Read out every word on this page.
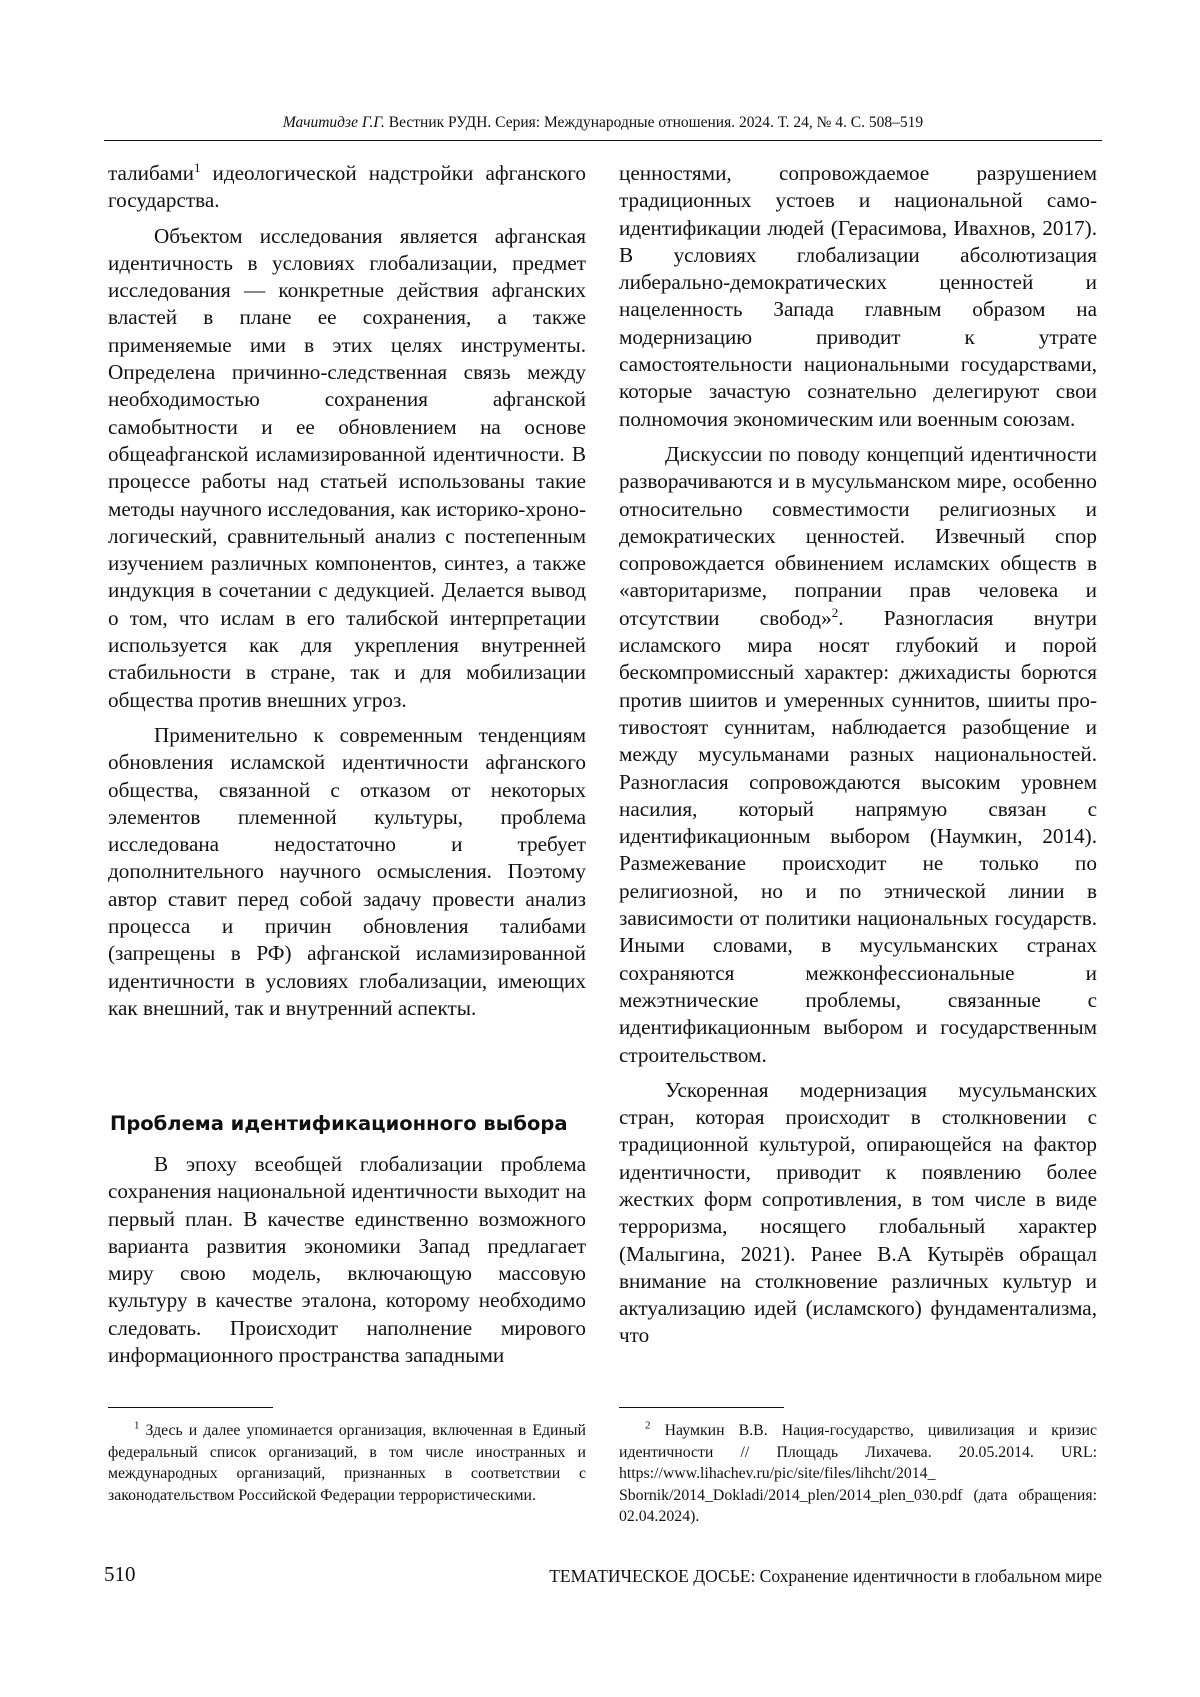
Мачитидзе Г.Г. Вестник РУДН. Серия: Международные отношения. 2024. Т. 24, № 4. С. 508–519

талибами1 идеологической надстройки аф­ганского государства.

Объектом исследования является афган­ская идентичность в условиях глобализации, предмет исследования — конкретные дей­ствия афганских властей в плане ее сохране­ния, а также применяемые ими в этих целях инструменты. Определена причинно-следственная связь между необходимостью сохранения афганской самобытности и ее об­новлением на основе общеафганской ислами­зированной идентичности. В процессе работы над статьей использованы такие методы научного исследования, как историко-хроно­логический, сравнительный анализ с посте­пенным изучением различных компонентов, синтез, а также индукция в сочетании с де­дукцией. Делается вывод о том, что ислам в его талибской интерпретации используется как для укрепления внутренней стабильности в стране, так и для мобилизации общества против внешних угроз.

Применительно к современным тенден­циям обновления исламской идентичности афганского общества, связанной с отказом от некоторых элементов племенной культуры, проблема исследована недостаточно и требу­ет дополнительного научного осмысления. Поэтому автор ставит перед собой задачу провести анализ процесса и причин обновле­ния талибами (запрещены в РФ) афганской исламизированной идентичности в условиях глобализации, имеющих как внешний, так и внутренний аспекты.

Проблема идентификационного выбора
В эпоху всеобщей глобализации пробле­ма сохранения национальной идентичности выходит на первый план. В качестве един­ственно возможного варианта развития экономики Запад предлагает миру свою модель, включающую массовую культуру в качестве эталона, которому необходимо следовать. Происходит наполнение мирового информационного пространства западными

ценностями, сопровождаемое разрушением традиционных устоев и национальной само­идентификации людей (Герасимова, Ивахнов, 2017). В условиях глобализации абсолютиза­ция либерально-демократических ценностей и нацеленность Запада главным образом на модернизацию приводит к утрате самостоятельности национальными государ­ствами, которые зачастую сознательно деле­гируют свои полномочия экономическим или военным союзам.

Дискуссии по поводу концепций иден­тичности разворачиваются и в мусульман­ском мире, особенно относительно совмести­мости религиозных и демократических ценностей. Извечный спор сопровождается обвинением исламских обществ в «авторита­ризме, попрании прав человека и отсутствии свобод»2. Разногласия внутри исламского ми­ра носят глубокий и порой бескомпромисс­ный характер: джихадисты борются против шиитов и умеренных суннитов, шииты про­тивостоят суннитам, наблюдается разобщение и между мусульманами разных национально­стей. Разногласия сопровождаются высоким уровнем насилия, который напрямую связан с идентификационным выбором (Наумкин, 2014). Размежевание происходит не только по религиозной, но и по этнической линии в зависимости от политики национальных государств. Иными словами, в мусульман­ских странах сохраняются межконфессио­нальные и межэтнические проблемы, связан­ные с идентификационным выбором и госу­дарственным строительством.

Ускоренная модернизация мусульман­ских стран, которая происходит в столкнове­нии с традиционной культурой, опирающейся на фактор идентичности, приводит к появле­нию более жестких форм сопротивления, в том числе в виде терроризма, носящего гло­бальный характер (Малыгина, 2021). Ранее В.А Кутырёв обращал внимание на столкно­вение различных культур и актуализацию идей (исламского) фундаментализма, что

1 Здесь и далее упоминается организация, включен­ная в Единый федеральный список организаций, в том числе иностранных и международных организаций, признанных в соответствии с законодательством Рос­сийской Федерации террористическими.
2 Наумкин В.В. Нация-государство, цивилизация и кризис идентичности // Площадь Лихачева. 20.05.2014. URL: https://www.lihachev.ru/pic/site/files/lihcht/2014_ Sbornik/2014_Dokladi/2014_plen/2014_plen_030.pdf (да­та обращения: 02.04.2024).
510	ТЕМАТИЧЕСКОЕ ДОСЬЕ: Сохранение идентичности в глобальном мире
